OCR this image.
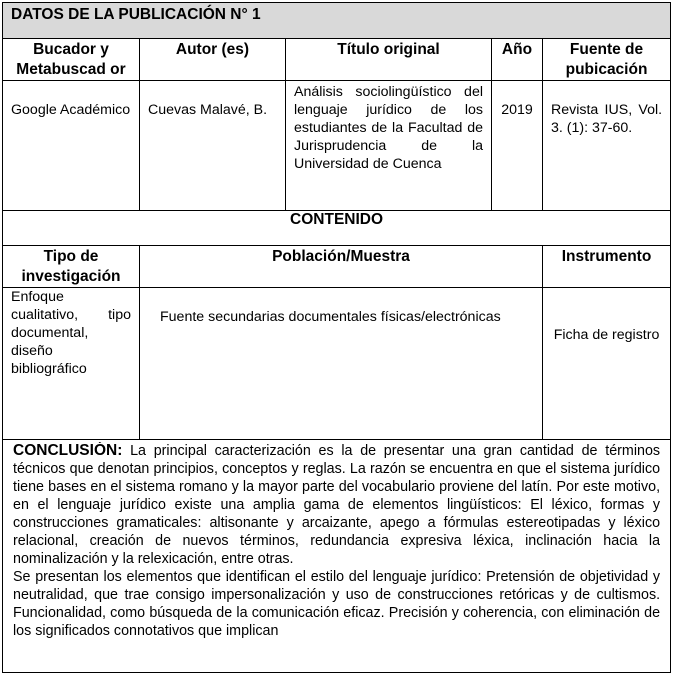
DATOS DE LA PUBLICACIÓN N° 1				
Bucador y Metabuscad or	Autor (es)	Título original	Año	Fuente de pubicación
Google Académico	Cuevas Malavé, B.	Análisis sociolingüístico del lenguaje jurídico de los estudiantes de la Facultad de Jurisprudencia de la Universidad de Cuenca	2019	Revista IUS, Vol. 3. (1): 37-60.
CONTENIDO				
Tipo de investigación	Población/Muestra			Instrumento
Enfoque cualitativo, tipo documental, diseño bibliográfico	Fuente secundarias documentales físicas/electrónicas			Ficha de registro

CONCLUSIÓN: La principal caracterización es la de presentar una gran cantidad de términos técnicos que denotan principios, conceptos y reglas. La razón se encuentra en que el sistema jurídico tiene bases en el sistema romano y la mayor parte del vocabulario proviene del latín. Por este motivo, en el lenguaje jurídico existe una amplia gama de elementos lingüísticos: El léxico, formas y construcciones gramaticales: altisonante y arcaizante, apego a fórmulas estereotipadas y léxico relacional, creación de nuevos términos, redundancia expresiva léxica, inclinación hacia la nominalización y la relexicación, entre otras.

Se presentan los elementos que identifican el estilo del lenguaje jurídico: Pretensión de objetividad y neutralidad, que trae consigo impersonalización y uso de construcciones retóricas y de cultismos. Funcionalidad, como búsqueda de la comunicación eficaz. Precisión y coherencia, con eliminación de los significados connotativos que implican				
